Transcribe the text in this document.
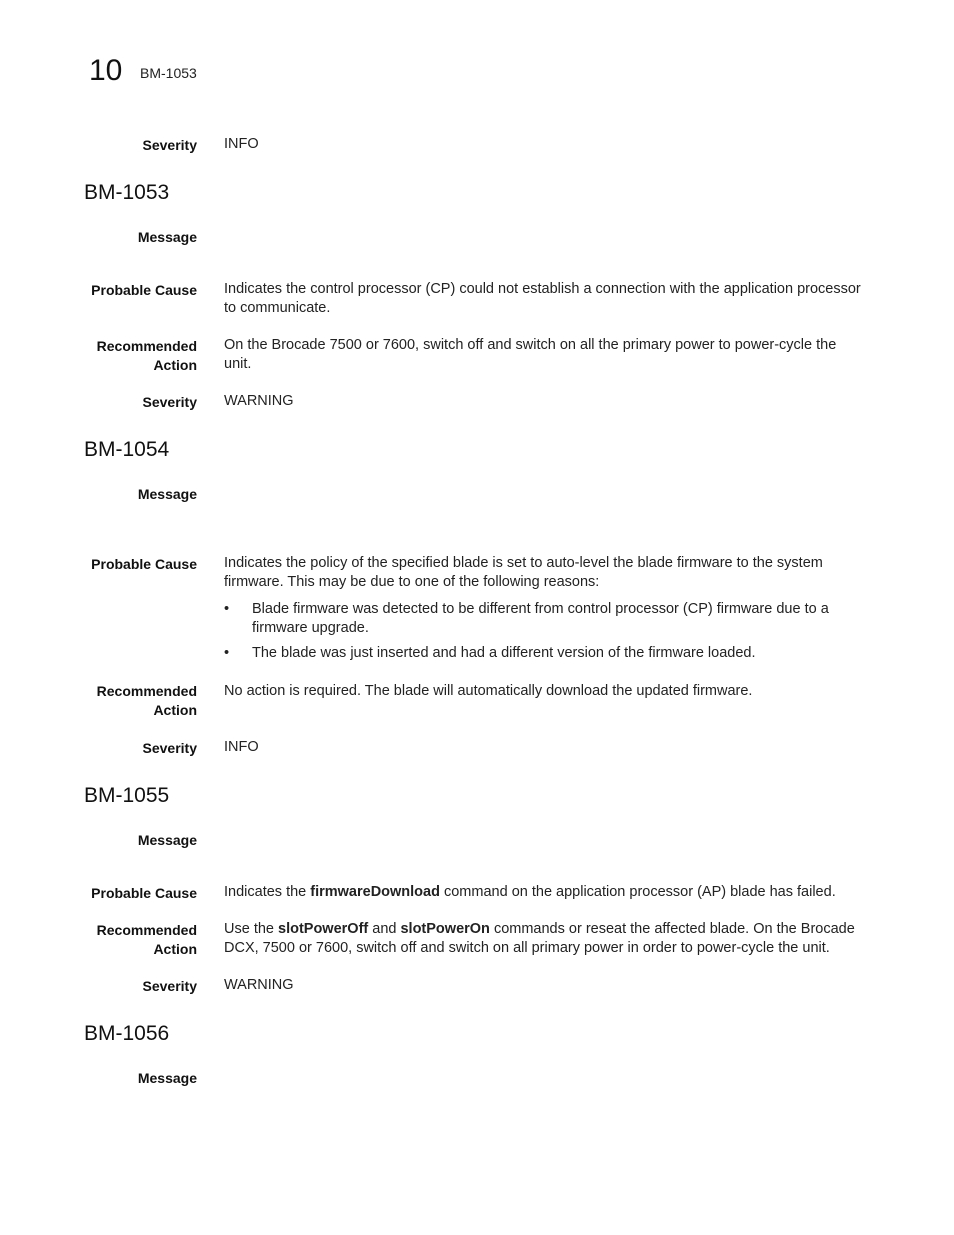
10 BM-1053
Severity INFO
BM-1053
Message
Probable Cause Indicates the control processor (CP) could not establish a connection with the application processor to communicate.
Recommended
Action
On the Brocade 7500 or 7600, switch off and switch on all the primary power to power-cycle the unit.
Severity WARNING
BM-1054
Message
Probable Cause Indicates the policy of the specified blade is set to auto-level the blade firmware to the system firmware. This may be due to one of the following reasons:
• Blade firmware was detected to be different from control processor (CP) firmware due to a firmware upgrade.
• The blade was just inserted and had a different version of the firmware loaded.
Recommended
Action
No action is required. The blade will automatically download the updated firmware.
Severity INFO
BM-1055
Message
Probable Cause Indicates the firmwareDownload command on the application processor (AP) blade has failed.
Recommended
Action
Use the slotPowerOff and slotPowerOn commands or reseat the affected blade. On the Brocade DCX, 7500 or 7600, switch off and switch on all primary power in order to power-cycle the unit.
Severity WARNING
BM-1056
Message
